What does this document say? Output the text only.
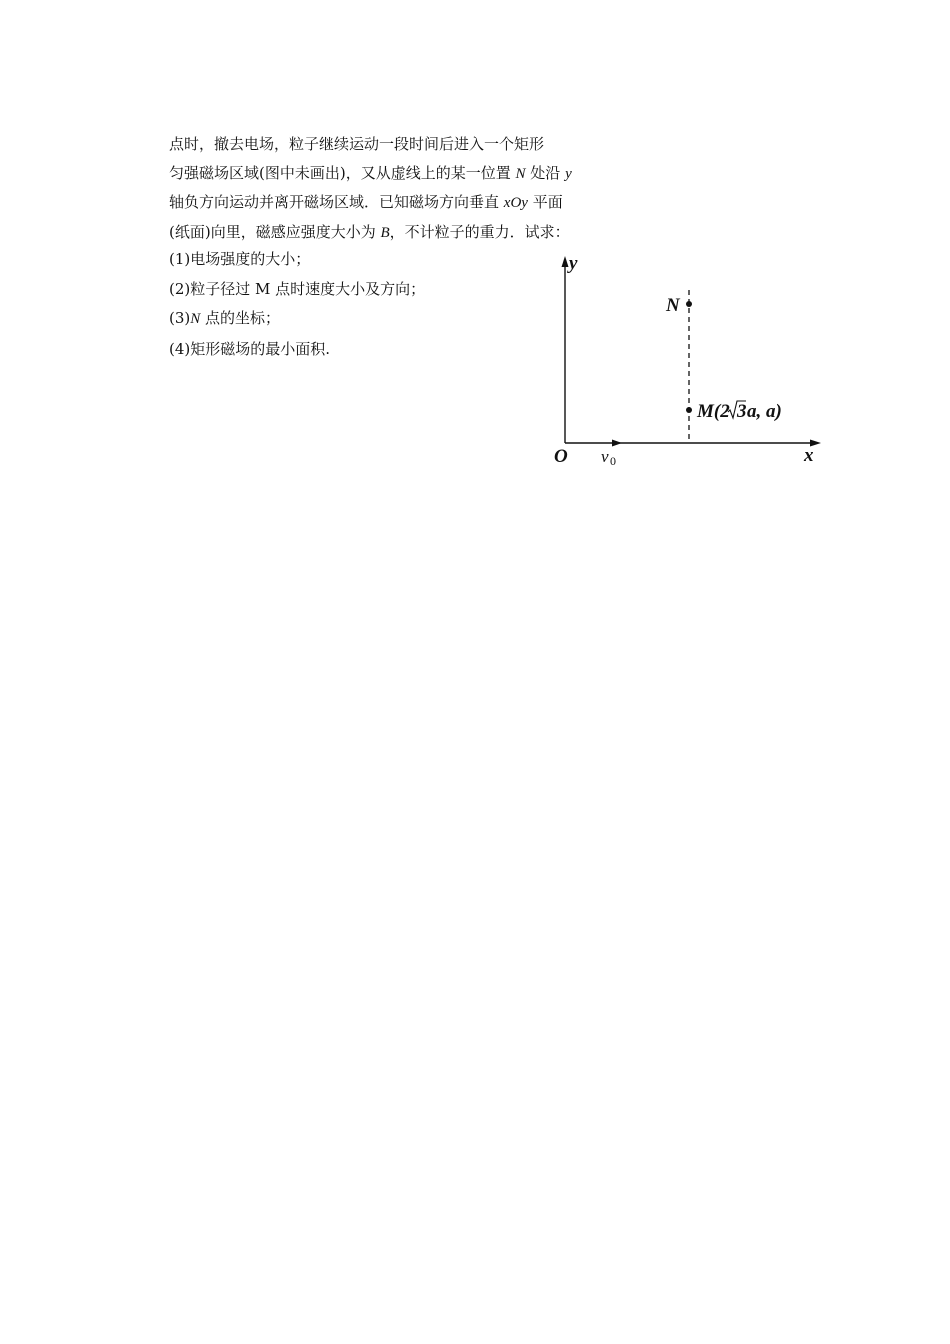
点时，撤去电场，粒子继续运动一段时间后进入一个矩形
匀强磁场区域(图中未画出)，又从虚线上的某一位置 N 处沿 y
轴负方向运动并离开磁场区域．已知磁场方向垂直 xOy 平面
(纸面)向里，磁感应强度大小为 B，不计粒子的重力．试求：
(1)电场强度的大小；
(2)粒子径过 M 点时速度大小及方向；
(3)N 点的坐标；
(4)矩形磁场的最小面积.
y
x
O v 0
N
M(2 3 a, a)
